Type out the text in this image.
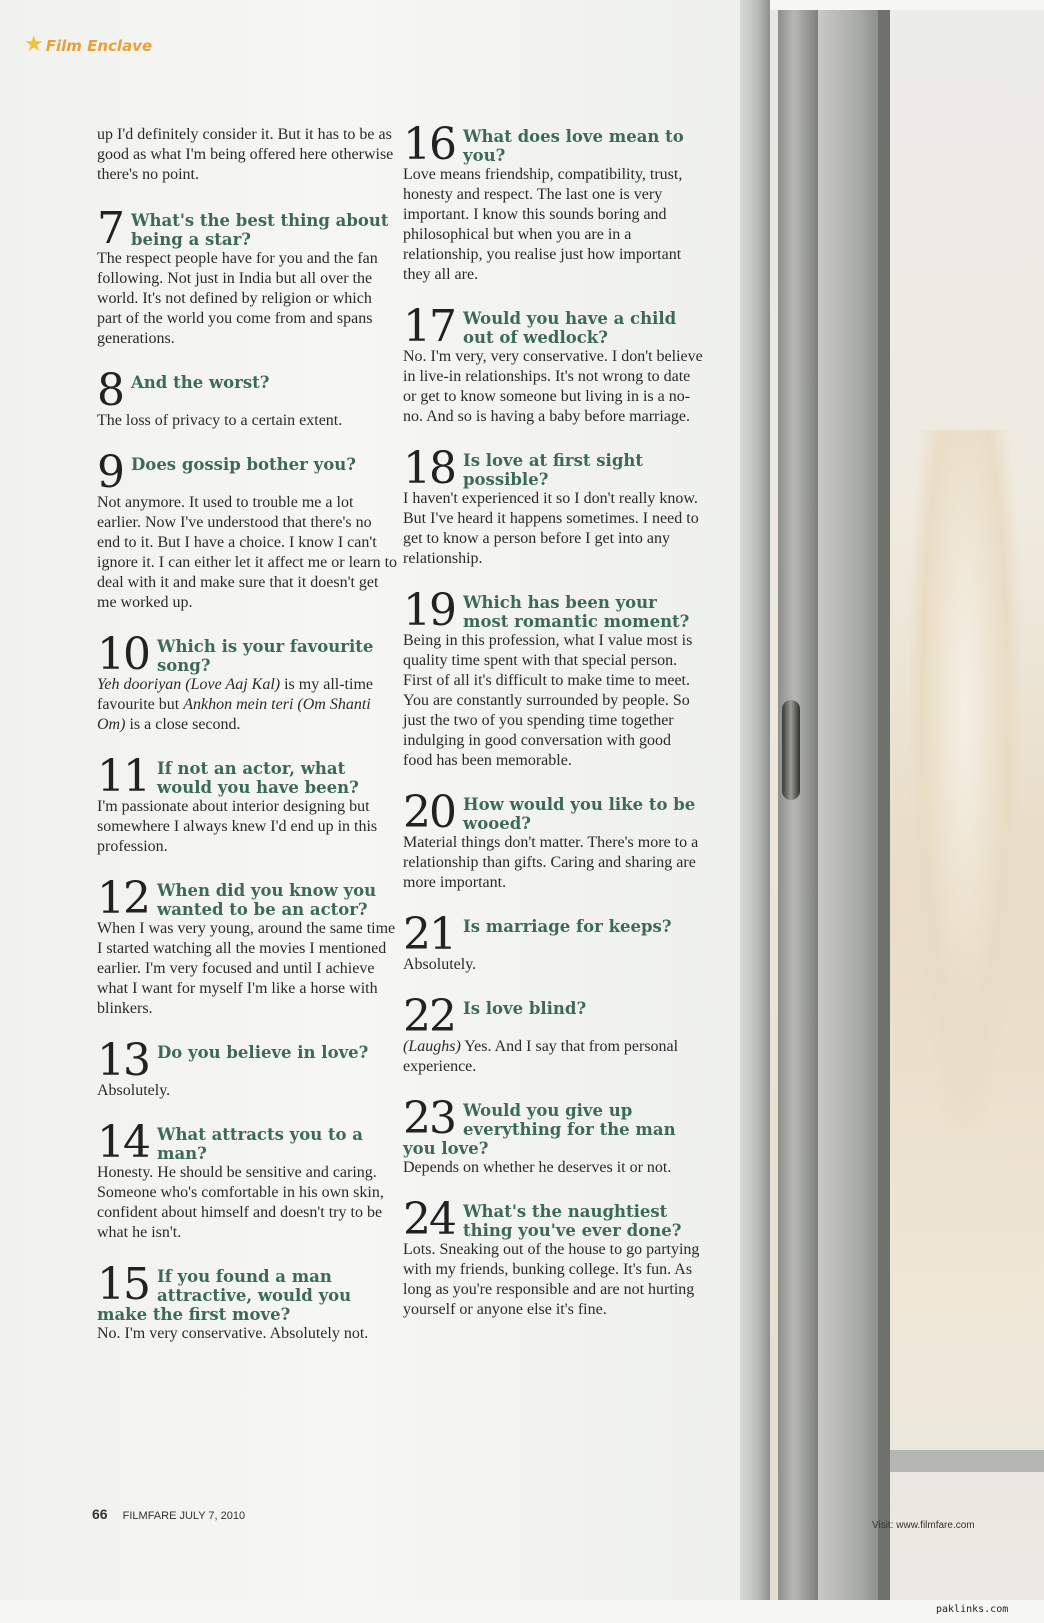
★ Film Enclave
up I'd definitely consider it. But it has to be as good as what I'm being offered here otherwise there's no point.
7 What's the best thing about being a star?
The respect people have for you and the fan following. Not just in India but all over the world. It's not defined by religion or which part of the world you come from and spans generations.
8 And the worst?
The loss of privacy to a certain extent.
9 Does gossip bother you?
Not anymore. It used to trouble me a lot earlier. Now I've understood that there's no end to it. But I have a choice. I know I can't ignore it. I can either let it affect me or learn to deal with it and make sure that it doesn't get me worked up.
10 Which is your favourite song?
Yeh dooriyan (Love Aaj Kal) is my all-time favourite but Ankhon mein teri (Om Shanti Om) is a close second.
11 If not an actor, what would you have been?
I'm passionate about interior designing but somewhere I always knew I'd end up in this profession.
12 When did you know you wanted to be an actor?
When I was very young, around the same time I started watching all the movies I mentioned earlier. I'm very focused and until I achieve what I want for myself I'm like a horse with blinkers.
13 Do you believe in love?
Absolutely.
14 What attracts you to a man?
Honesty. He should be sensitive and caring. Someone who's comfortable in his own skin, confident about himself and doesn't try to be what he isn't.
15 If you found a man attractive, would you make the first move?
No. I'm very conservative. Absolutely not.
16 What does love mean to you?
Love means friendship, compatibility, trust, honesty and respect. The last one is very important. I know this sounds boring and philosophical but when you are in a relationship, you realise just how important they all are.
17 Would you have a child out of wedlock?
No. I'm very, very conservative. I don't believe in live-in relationships. It's not wrong to date or get to know someone but living in is a no-no. And so is having a baby before marriage.
18 Is love at first sight possible?
I haven't experienced it so I don't really know. But I've heard it happens sometimes. I need to get to know a person before I get into any relationship.
19 Which has been your most romantic moment?
Being in this profession, what I value most is quality time spent with that special person. First of all it's difficult to make time to meet. You are constantly surrounded by people. So just the two of you spending time together indulging in good conversation with good food has been memorable.
20 How would you like to be wooed?
Material things don't matter. There's more to a relationship than gifts. Caring and sharing are more important.
21 Is marriage for keeps?
Absolutely.
22 Is love blind?
(Laughs) Yes. And I say that from personal experience.
23 Would you give up everything for the man you love?
Depends on whether he deserves it or not.
24 What's the naughtiest thing you've ever done?
Lots. Sneaking out of the house to go partying with my friends, bunking college. It's fun. As long as you're responsible and are not hurting yourself or anyone else it's fine.
66 FILMFARE JULY 7, 2010
Visit: www.filmfare.com
paklinks.com
